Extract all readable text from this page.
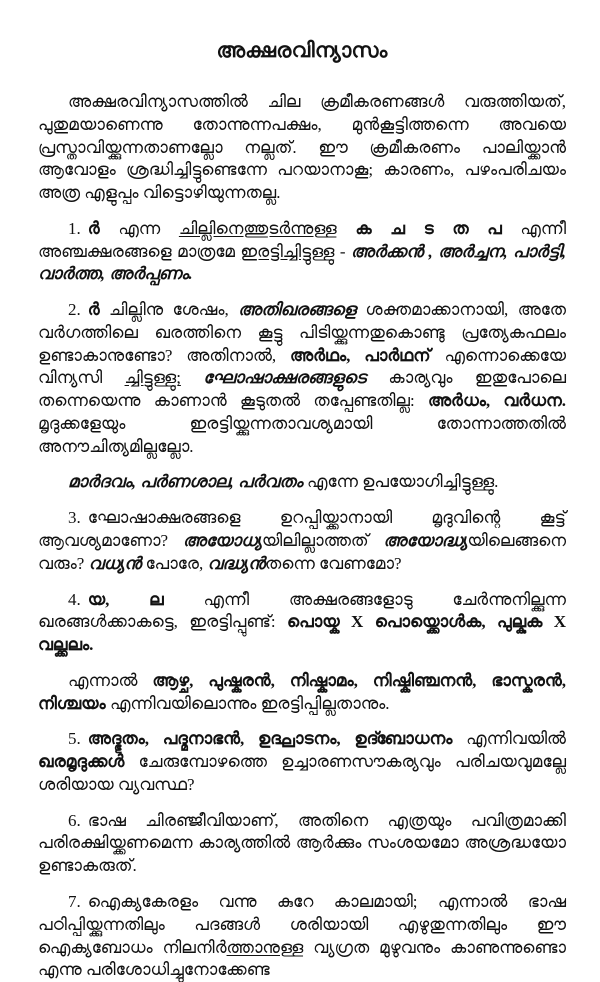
അക്ഷരവിന്യാസം

അക്ഷരവിന്യാസത്തിൽ ചില ക്രമീകരണങ്ങൾ വരുത്തിയത്, പുതുമയാണെന്നു തോന്നുന്നപക്ഷം, മുൻകൂട്ടിത്തന്നെ അവയെ പ്രസ്താവിയ്ക്കുന്നതാണല്ലോ നല്ലത്. ഈ ക്രമീകരണം പാലിയ്ക്കാൻ ആവോളം ശ്രദ്ധിച്ചിട്ടുണ്ടെന്നേ പറയാനാകൂ; കാരണം, പഴംപരിചയം അത്ര എളുപ്പം വിട്ടൊഴിയുന്നതല്ല.

1. ർ എന്ന ചില്ലിനെത്തുടർന്നുള്ള ക ച ട ത പ എന്നീ അഞ്ചക്ഷരങ്ങളെ മാത്രമേ ഇരട്ടിച്ചിട്ടുള്ളു - അർക്കൻ , അർച്ചന, പാർട്ടി, വാർത്ത, അർപ്പണം.

2. ർ ചില്ലിനു ശേഷം, അതിഖരങ്ങളെ ശക്തമാക്കാനായി, അതേ വർഗത്തിലെ ഖരത്തിനെ കൂട്ടു പിടിയ്ക്കുന്നതുകൊണ്ടു പ്രത്യേകഫലം ഉണ്ടാകാനുണ്ടോ? അതിനാൽ, അർഥം, പാർഥന് എന്നൊക്കെയേ വിന്യസി ച്ചിട്ടുള്ളു; ഘോഷാക്ഷരങ്ങളുടെ കാര്യവും ഇതുപോലെ തന്നെയെന്നു കാണാൻ കൂടുതൽ തപ്പേണ്ടതില്ല: അർധം, വർധന. മൃദുക്കളേയും ഇരട്ടിയ്ക്കുന്നതാവശ്യമായി തോന്നാത്തതിൽ അനൗചിത്യമില്ലല്ലോ.

മാർദവം, പർണശാല, പർവതം എന്നേ ഉപയോഗിച്ചിട്ടുള്ളു.

3. ഘോഷാക്ഷരങ്ങളെ ഉറപ്പിയ്ക്കാനായി മൃദുവിന്റെ കൂട്ട് ആവശ്യമാണോ? അയോധ്യയിലില്ലാത്തത് അയോദ്ധ്യയിലെങ്ങനെ വരും? വധ്യൻ പോരേ, വദ്ധ്യൻതന്നെ വേണമോ?

4. യ, ല എന്നീ അക്ഷരങ്ങളോടു ചേർന്നുനില്ക്കുന്ന ഖരങ്ങൾക്കാകട്ടെ, ഇരട്ടിപ്പുണ്ട്: പൊയ്ക X പൊയ്ക്കൊൾക, പുല്കുക X വല്ക്കലം.

എന്നാൽ ആഴ്ച, പുഷ്കരൻ, നിഷ്കാമം, നിഷ്കിഞ്ചനൻ, ഭാസ്കരൻ, നിശ്ചയം എന്നിവയിലൊന്നും ഇരട്ടിപ്പില്ലതാനും.

5. അദ്ഭുതം, പദ്മനാഭൻ, ഉദ്ഘാടനം, ഉദ്ബോധനം എന്നിവയിൽ ഖരമൃദുക്കൾ ചേരുമ്പോഴത്തെ ഉച്ചാരണസൗകര്യവും പരിചയവുമല്ലേ ശരിയായ വ്യവസ്ഥ?

6. ഭാഷ ചിരഞ്ജീവിയാണ്, അതിനെ എത്രയും പവിത്രമാക്കി പരിരക്ഷിയ്ക്കണമെന്ന കാര്യത്തിൽ ആർക്കും സംശയമോ അശ്രദ്ധയോ ഉണ്ടാകരുത്.

7. ഐക്യകേരളം വന്നു കുറേ കാലമായി; എന്നാൽ ഭാഷ പഠിപ്പിയ്ക്കുന്നതിലും പദങ്ങൾ ശരിയായി എഴുതുന്നതിലും ഈ ഐക്യബോധം നിലനിർത്താനുള്ള വ്യഗ്രത മുഴുവനും കാണുന്നുണ്ടൊ എന്നു പരിശോധിച്ചുനോക്കേണ്ട
